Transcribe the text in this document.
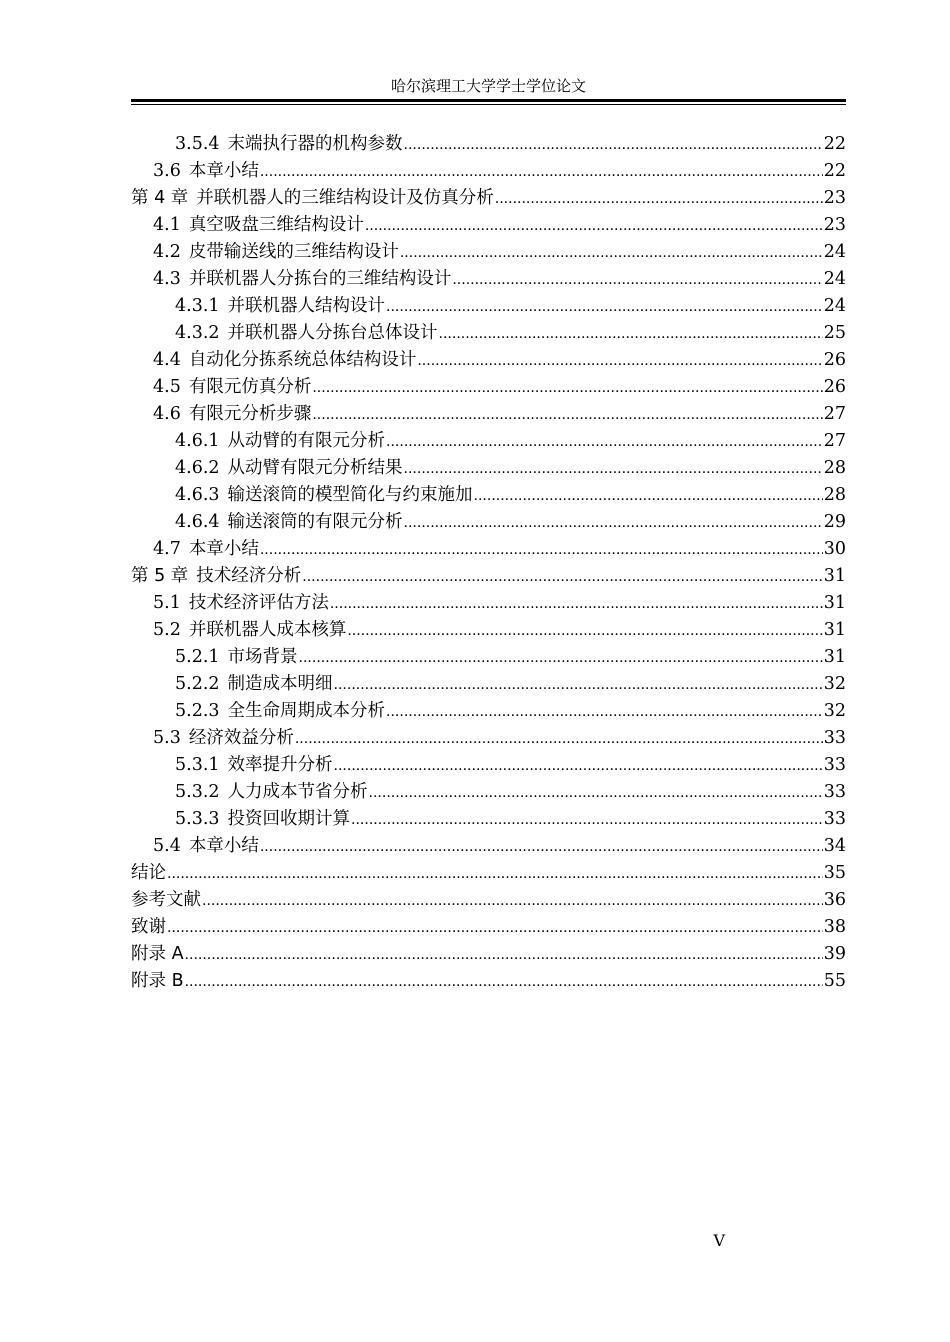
哈尔滨理工大学学士学位论文
3.5.4 末端执行器的机构参数 .....	22
3.6 本章小结 .....	22
第 4 章 并联机器人的三维结构设计及仿真分析 .....	23
4.1 真空吸盘三维结构设计 .....	23
4.2 皮带输送线的三维结构设计 .....	24
4.3 并联机器人分拣台的三维结构设计 .....	24
4.3.1 并联机器人结构设计 .....	24
4.3.2 并联机器人分拣台总体设计 .....	25
4.4 自动化分拣系统总体结构设计 .....	26
4.5 有限元仿真分析 .....	26
4.6 有限元分析步骤 .....	27
4.6.1 从动臂的有限元分析 .....	27
4.6.2 从动臂有限元分析结果 .....	28
4.6.3 输送滚筒的模型简化与约束施加 .....	28
4.6.4 输送滚筒的有限元分析 .....	29
4.7 本章小结 .....	30
第 5 章 技术经济分析 .....	31
5.1 技术经济评估方法 .....	31
5.2 并联机器人成本核算 .....	31
5.2.1 市场背景 .....	31
5.2.2 制造成本明细 .....	32
5.2.3 全生命周期成本分析 .....	32
5.3 经济效益分析 .....	33
5.3.1 效率提升分析 .....	33
5.3.2 人力成本节省分析 .....	33
5.3.3 投资回收期计算 .....	33
5.4 本章小结 .....	34
结论 .....	35
参考文献 .....	36
致谢 .....	38
附录 A .....	39
附录 B .....	55
V
